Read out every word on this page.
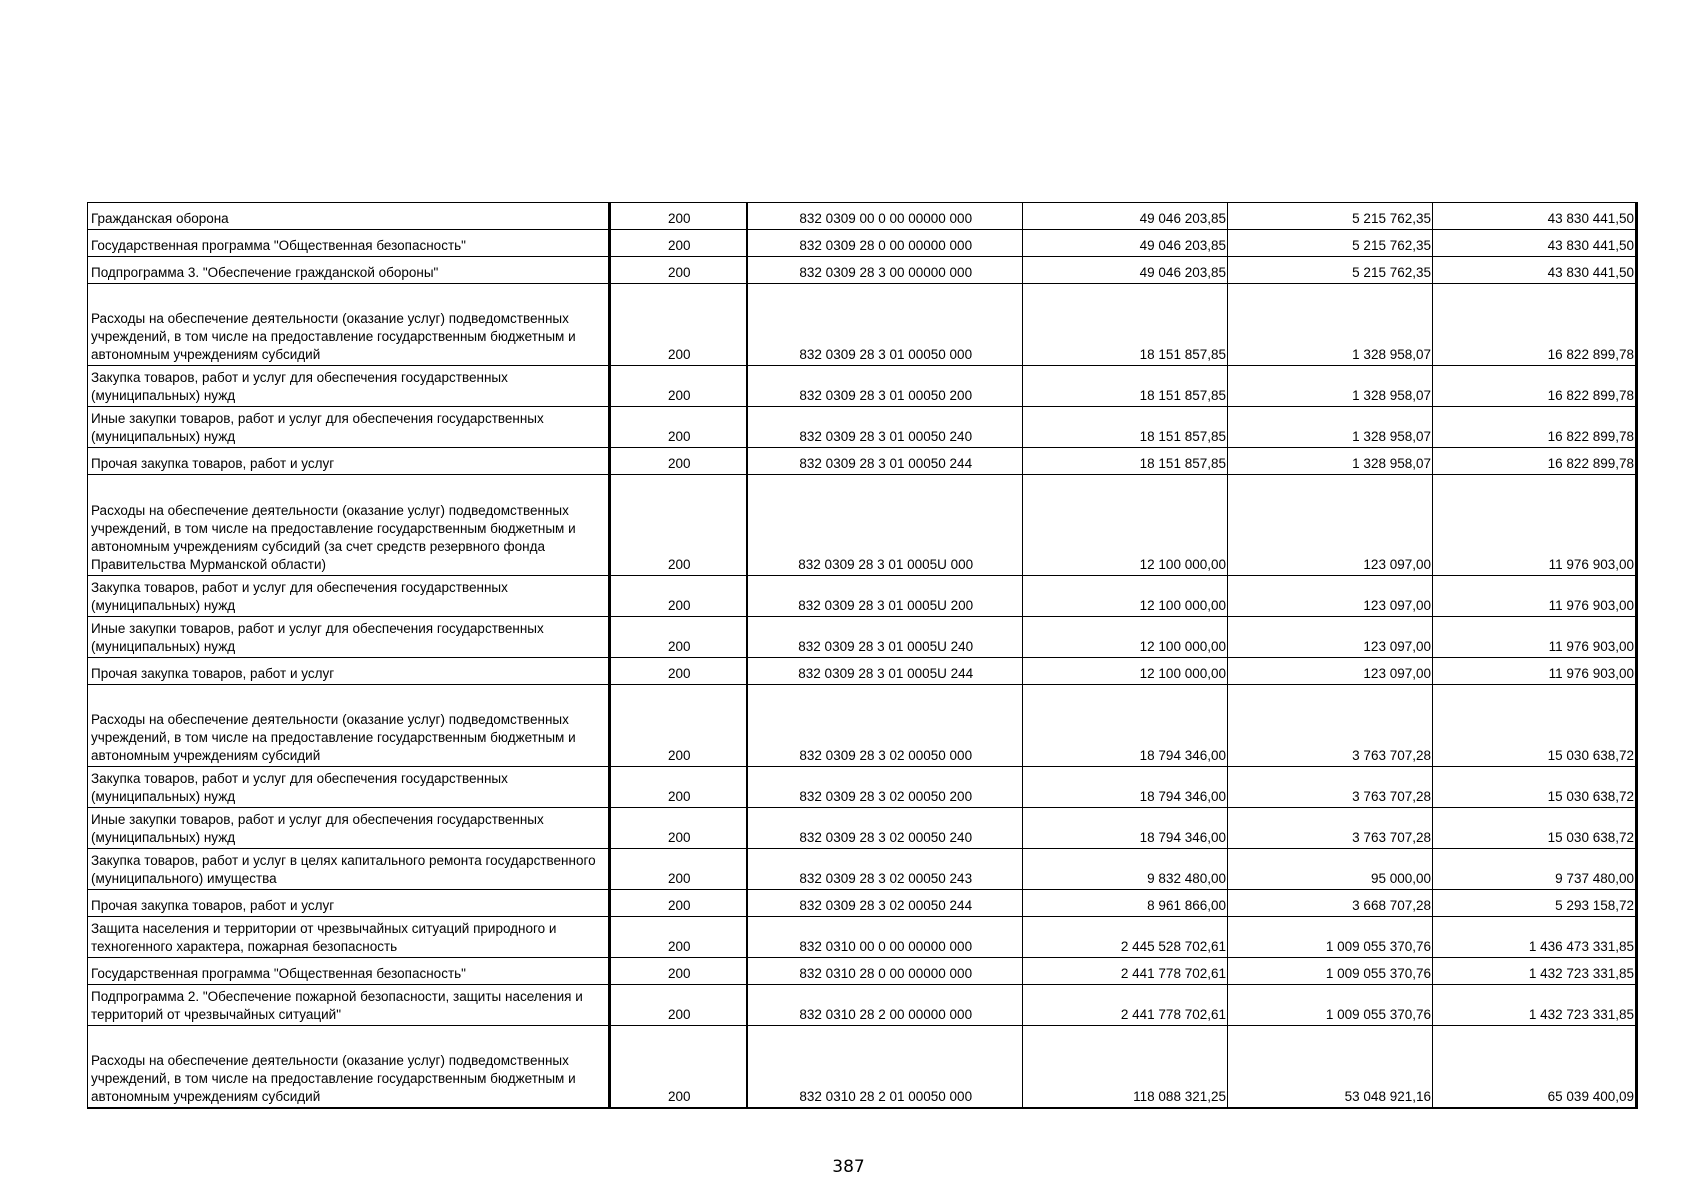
Гражданская оборона	200	832 0309 00 0 00 00000 000	49 046 203,85	5 215 762,35	43 830 441,50
Государственная программа "Общественная безопасность"	200	832 0309 28 0 00 00000 000	49 046 203,85	5 215 762,35	43 830 441,50
Подпрограмма 3. "Обеспечение гражданской обороны"	200	832 0309 28 3 00 00000 000	49 046 203,85	5 215 762,35	43 830 441,50
Расходы на обеспечение деятельности (оказание услуг) подведомственных учреждений, в том числе на предоставление государственным бюджетным и автономным учреждениям субсидий	200	832 0309 28 3 01 00050 000	18 151 857,85	1 328 958,07	16 822 899,78
Закупка товаров, работ и услуг для обеспечения государственных (муниципальных) нужд	200	832 0309 28 3 01 00050 200	18 151 857,85	1 328 958,07	16 822 899,78
Иные закупки товаров, работ и услуг для обеспечения государственных (муниципальных) нужд	200	832 0309 28 3 01 00050 240	18 151 857,85	1 328 958,07	16 822 899,78
Прочая закупка товаров, работ и услуг	200	832 0309 28 3 01 00050 244	18 151 857,85	1 328 958,07	16 822 899,78
Расходы на обеспечение деятельности (оказание услуг) подведомственных учреждений, в том числе на предоставление государственным бюджетным и автономным учреждениям субсидий (за счет средств резервного фонда Правительства Мурманской области)	200	832 0309 28 3 01 0005U 000	12 100 000,00	123 097,00	11 976 903,00
Закупка товаров, работ и услуг для обеспечения государственных (муниципальных) нужд	200	832 0309 28 3 01 0005U 200	12 100 000,00	123 097,00	11 976 903,00
Иные закупки товаров, работ и услуг для обеспечения государственных (муниципальных) нужд	200	832 0309 28 3 01 0005U 240	12 100 000,00	123 097,00	11 976 903,00
Прочая закупка товаров, работ и услуг	200	832 0309 28 3 01 0005U 244	12 100 000,00	123 097,00	11 976 903,00
Расходы на обеспечение деятельности (оказание услуг) подведомственных учреждений, в том числе на предоставление государственным бюджетным и автономным учреждениям субсидий	200	832 0309 28 3 02 00050 000	18 794 346,00	3 763 707,28	15 030 638,72
Закупка товаров, работ и услуг для обеспечения государственных (муниципальных) нужд	200	832 0309 28 3 02 00050 200	18 794 346,00	3 763 707,28	15 030 638,72
Иные закупки товаров, работ и услуг для обеспечения государственных (муниципальных) нужд	200	832 0309 28 3 02 00050 240	18 794 346,00	3 763 707,28	15 030 638,72
Закупка товаров, работ и услуг в целях капитального ремонта государственного (муниципального) имущества	200	832 0309 28 3 02 00050 243	9 832 480,00	95 000,00	9 737 480,00
Прочая закупка товаров, работ и услуг	200	832 0309 28 3 02 00050 244	8 961 866,00	3 668 707,28	5 293 158,72
Защита населения и территории от чрезвычайных ситуаций природного и техногенного характера, пожарная безопасность	200	832 0310 00 0 00 00000 000	2 445 528 702,61	1 009 055 370,76	1 436 473 331,85
Государственная программа "Общественная безопасность"	200	832 0310 28 0 00 00000 000	2 441 778 702,61	1 009 055 370,76	1 432 723 331,85
Подпрограмма 2. "Обеспечение пожарной безопасности, защиты населения и территорий от чрезвычайных ситуаций"	200	832 0310 28 2 00 00000 000	2 441 778 702,61	1 009 055 370,76	1 432 723 331,85
Расходы на обеспечение деятельности (оказание услуг) подведомственных учреждений, в том числе на предоставление государственным бюджетным и автономным учреждениям субсидий	200	832 0310 28 2 01 00050 000	118 088 321,25	53 048 921,16	65 039 400,09
387
